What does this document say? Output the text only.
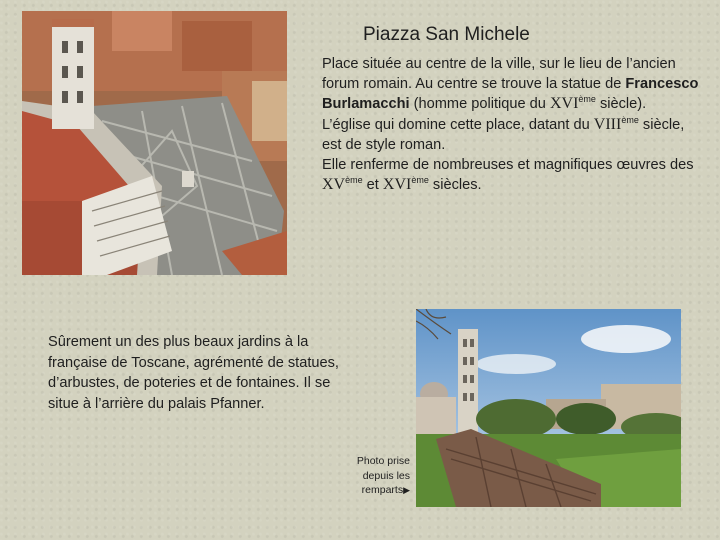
Piazza San Michele

Place située au centre de la ville, sur le lieu de l’ancien forum romain. Au centre se trouve la statue de Francesco Burlamacchi (homme politique du XVIème siècle).

L’église qui domine cette place, datant du VIIIème siècle, est de style roman.

Elle renferme de nombreuses et magnifiques œuvres des XVème et XVIème siècles.

Sûrement un des plus beaux jardins à la française de Toscane, agrémenté de statues, d’arbustes, de poteries et de fontaines. Il se situe à l’arrière du palais Pfanner.
Photo prise
depuis les
remparts▶
